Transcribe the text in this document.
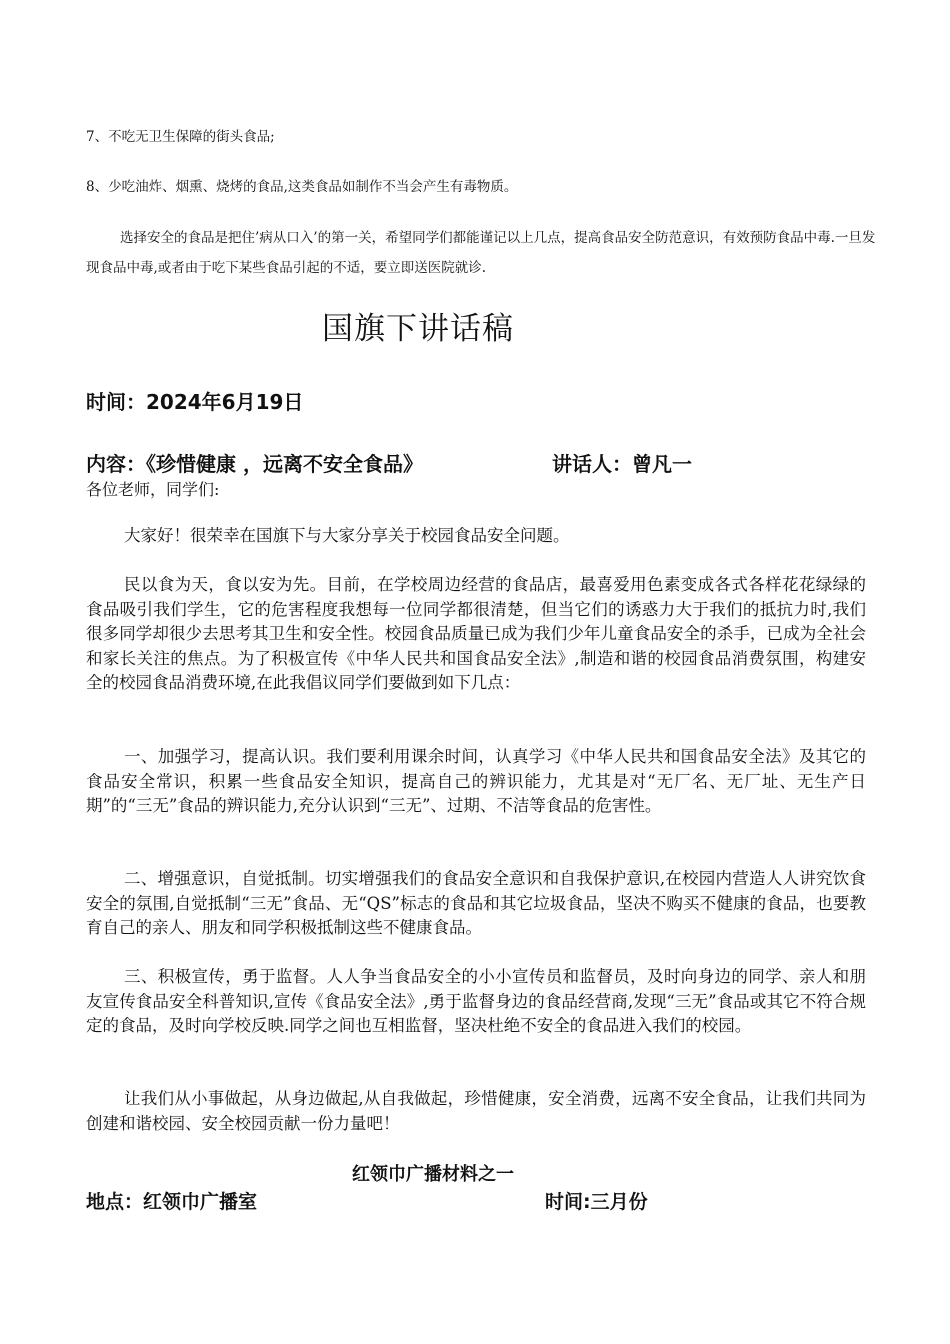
7、不吃无卫生保障的街头食品;
8、少吃油炸、烟熏、烧烤的食品,这类食品如制作不当会产生有毒物质。
选择安全的食品是把住’病从口入’的第一关，希望同学们都能谨记以上几点，提高食品安全防范意识，有效预防食品中毒.一旦发现食品中毒,或者由于吃下某些食品引起的不适，要立即送医院就诊.
国旗下讲话稿
时间：2024年6月19日
内容：《珍惜健康 ，远离不安全食品》	讲话人：曾凡一
各位老师，同学们:
大家好！很荣幸在国旗下与大家分享关于校园食品安全问题。
民以食为天，食以安为先。目前，在学校周边经营的食品店，最喜爱用色素变成各式各样花花绿绿的食品吸引我们学生，它的危害程度我想每一位同学都很清楚，但当它们的诱惑力大于我们的抵抗力时,我们很多同学却很少去思考其卫生和安全性。校园食品质量已成为我们少年儿童食品安全的杀手，已成为全社会和家长关注的焦点。为了积极宣传《中华人民共和国食品安全法》,制造和谐的校园食品消费氛围，构建安全的校园食品消费环境,在此我倡议同学们要做到如下几点：
一、加强学习，提高认识。我们要利用课余时间，认真学习《中华人民共和国食品安全法》及其它的食品安全常识，积累一些食品安全知识，提高自己的辨识能力，尤其是对“无厂名、无厂址、无生产日期”的“三无”食品的辨识能力,充分认识到“三无”、过期、不洁等食品的危害性。
二、增强意识，自觉抵制。切实增强我们的食品安全意识和自我保护意识,在校园内营造人人讲究饮食安全的氛围,自觉抵制“三无”食品、无“QS”标志的食品和其它垃圾食品，坚决不购买不健康的食品，也要教育自己的亲人、朋友和同学积极抵制这些不健康食品。
三、积极宣传，勇于监督。人人争当食品安全的小小宣传员和监督员，及时向身边的同学、亲人和朋友宣传食品安全科普知识,宣传《食品安全法》,勇于监督身边的食品经营商,发现“三无”食品或其它不符合规定的食品，及时向学校反映.同学之间也互相监督，坚决杜绝不安全的食品进入我们的校园。
让我们从小事做起，从身边做起,从自我做起，珍惜健康，安全消费，远离不安全食品，让我们共同为创建和谐校园、安全校园贡献一份力量吧！
红领巾广播材料之一
地点：红领巾广播室	时间:三月份
